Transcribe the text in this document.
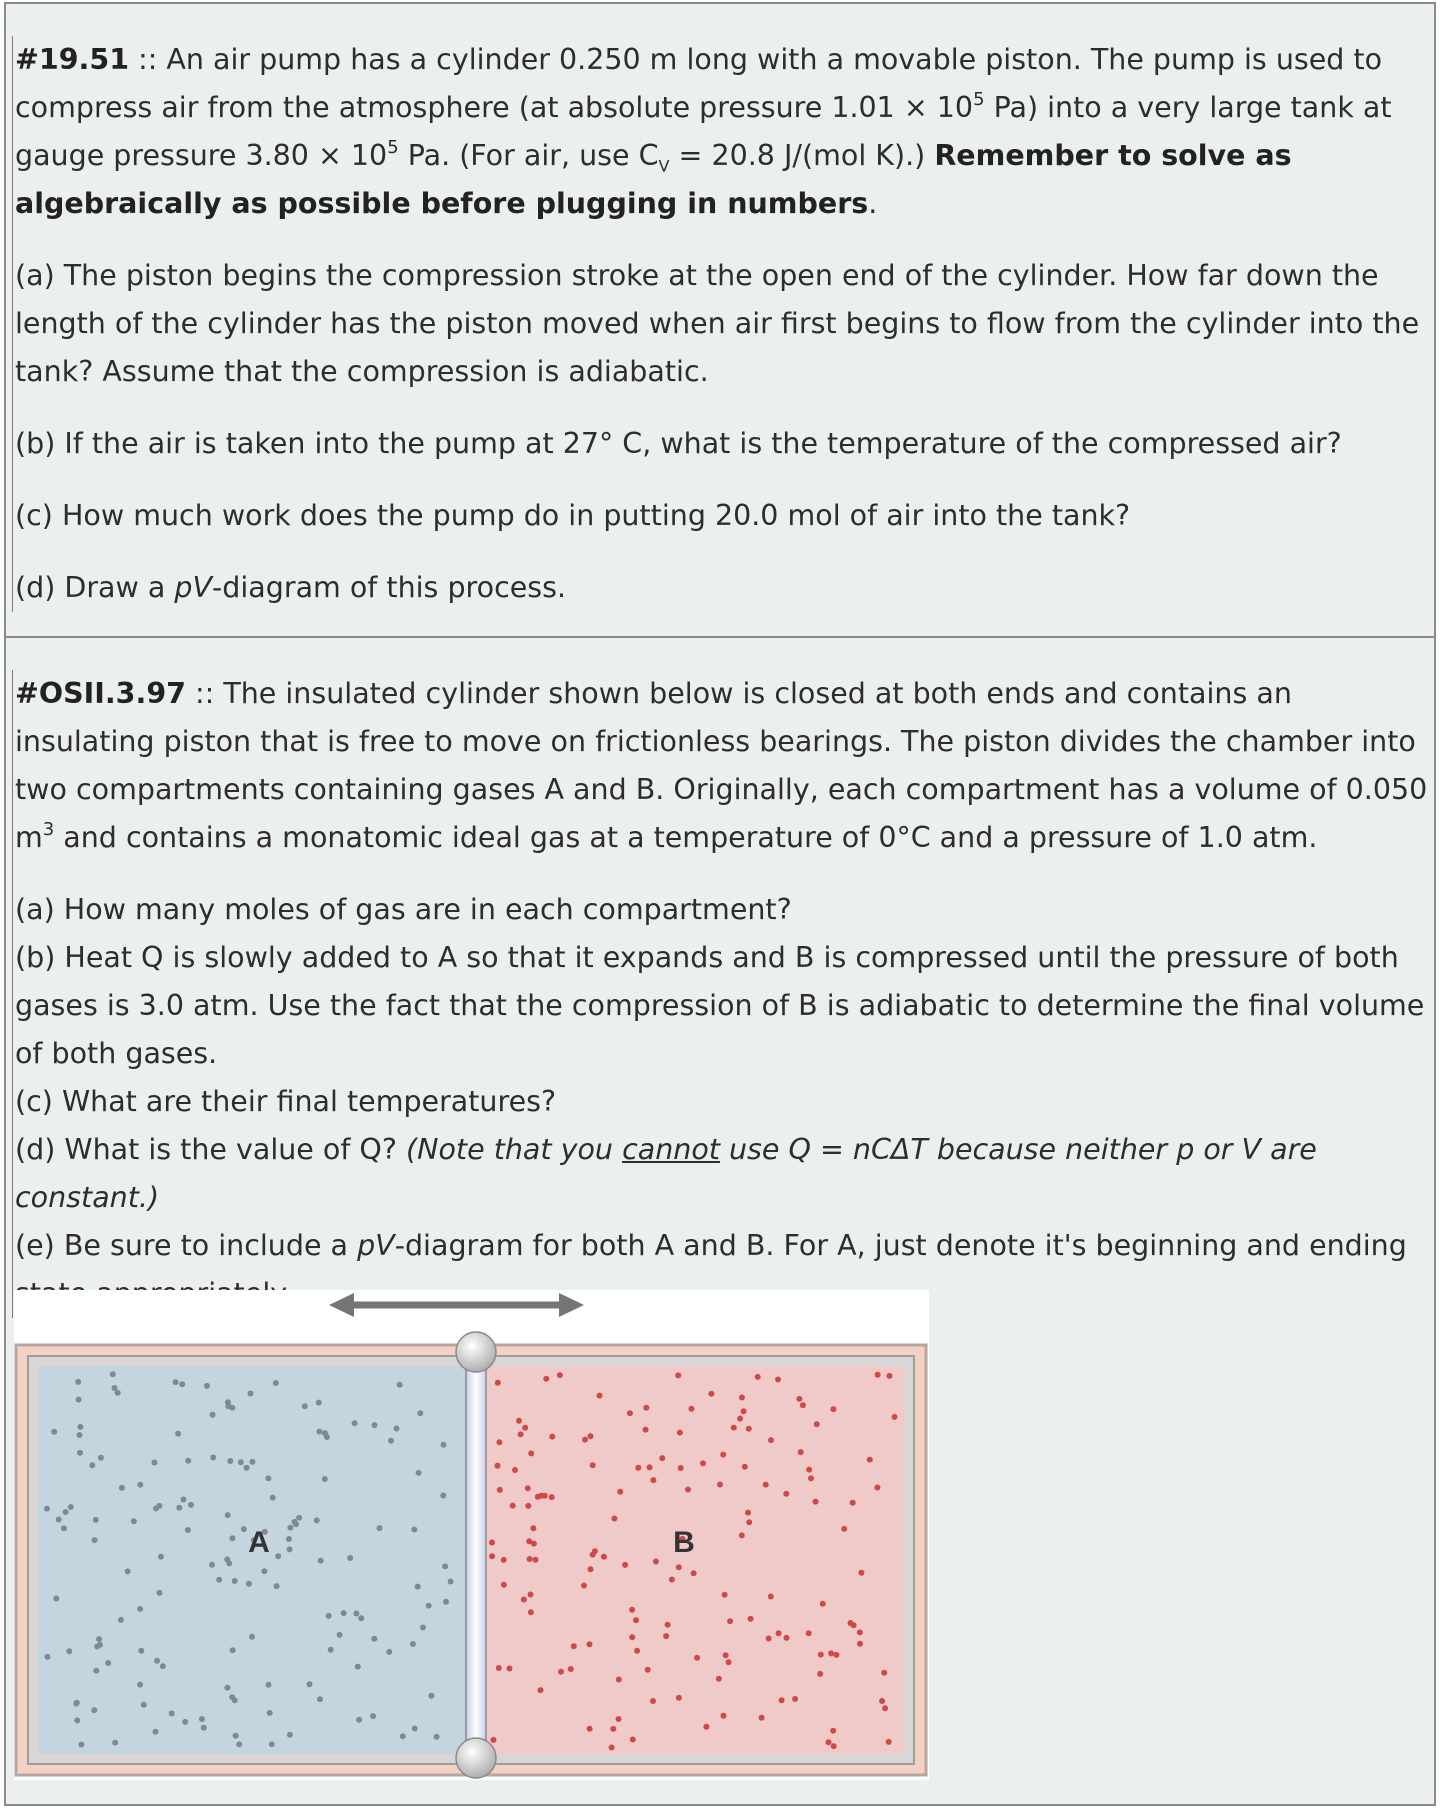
#19.51 :: An air pump has a cylinder 0.250 m long with a movable piston. The pump is used to compress air from the atmosphere (at absolute pressure $1.01 \times 10^5$ Pa) into a very large tank at gauge pressure $3.80 \times 10^5$ Pa. (For air, use $C_V = 20.8$ J/(mol K).) Remember to solve as algebraically as possible before plugging in numbers.

(a) The piston begins the compression stroke at the open end of the cylinder. How far down the length of the cylinder has the piston moved when air first begins to flow from the cylinder into the tank? Assume that the compression is adiabatic.

(b) If the air is taken into the pump at 27° C, what is the temperature of the compressed air?

(c) How much work does the pump do in putting 20.0 mol of air into the tank?

(d) Draw a pV-diagram of this process.

#OSII.3.97 :: The insulated cylinder shown below is closed at both ends and contains an insulating piston that is free to move on frictionless bearings. The piston divides the chamber into two compartments containing gases A and B. Originally, each compartment has a volume of 0.050 $m^3$ and contains a monatomic ideal gas at a temperature of 0°C and a pressure of 1.0 atm.

(a) How many moles of gas are in each compartment?

(b) Heat Q is slowly added to A so that it expands and B is compressed until the pressure of both gases is 3.0 atm. Use the fact that the compression of B is adiabatic to determine the final volume of both gases.

(c) What are their final temperatures?

(d) What is the value of Q? (Note that you cannot use Q = nCΔT because neither p or V are constant.)

(e) Be sure to include a pV-diagram for both A and B. For A, just denote it's beginning and ending

A	B
